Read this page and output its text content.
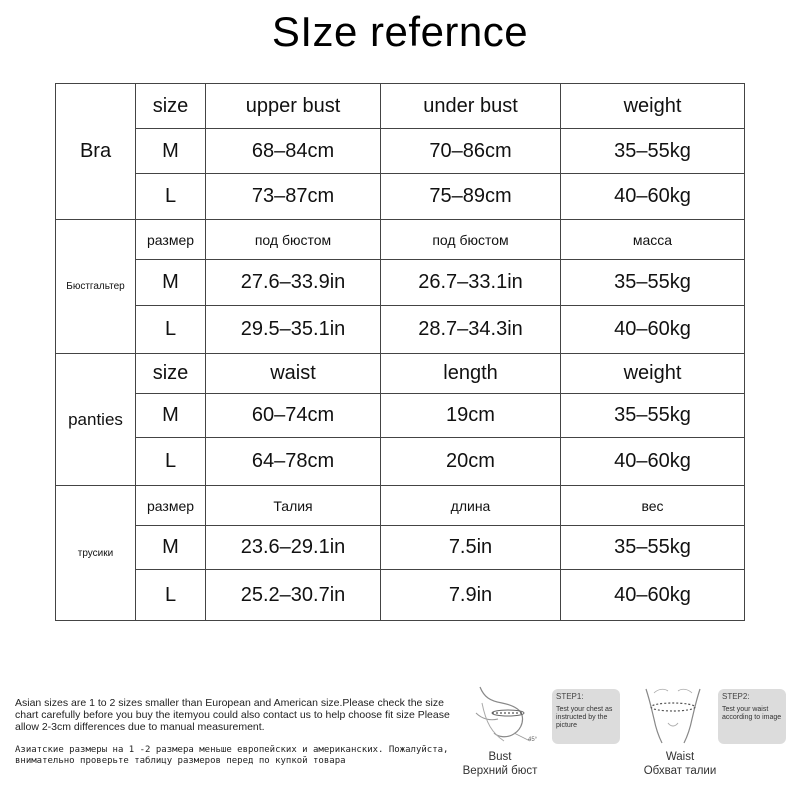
SIze refernce
Bra	size	upper bust	under bust	weight
	M	68–84cm	70–86cm	35–55kg
	L	73–87cm	75–89cm	40–60kg
Бюстгальтер	размер	под бюстом	под бюстом	масса
	M	27.6–33.9in	26.7–33.1in	35–55kg
	L	29.5–35.1in	28.7–34.3in	40–60kg
panties	size	waist	length	weight
	M	60–74cm	19cm	35–55kg
	L	64–78cm	20cm	40–60kg
трусики	размер	Талия	длина	вес
	M	23.6–29.1in	7.5in	35–55kg
	L	25.2–30.7in	7.9in	40–60kg
Asian sizes are 1 to 2 sizes smaller than European and American size.Please check the size chart carefully before you buy the itemyou could also contact us to help choose fit size Please allow 2-3cm differences due to manual measurement.
Азиатские размеры на 1 -2 размера меньше европейских и американских. Пожалуйста, внимательно проверьте таблицу размеров перед по купкой товара
45°
STEP1:
Test your chest as instructed by the picture
STEP2:
Test your waist according to image
Bust
Верхний бюст
Waist
Обхват талии
